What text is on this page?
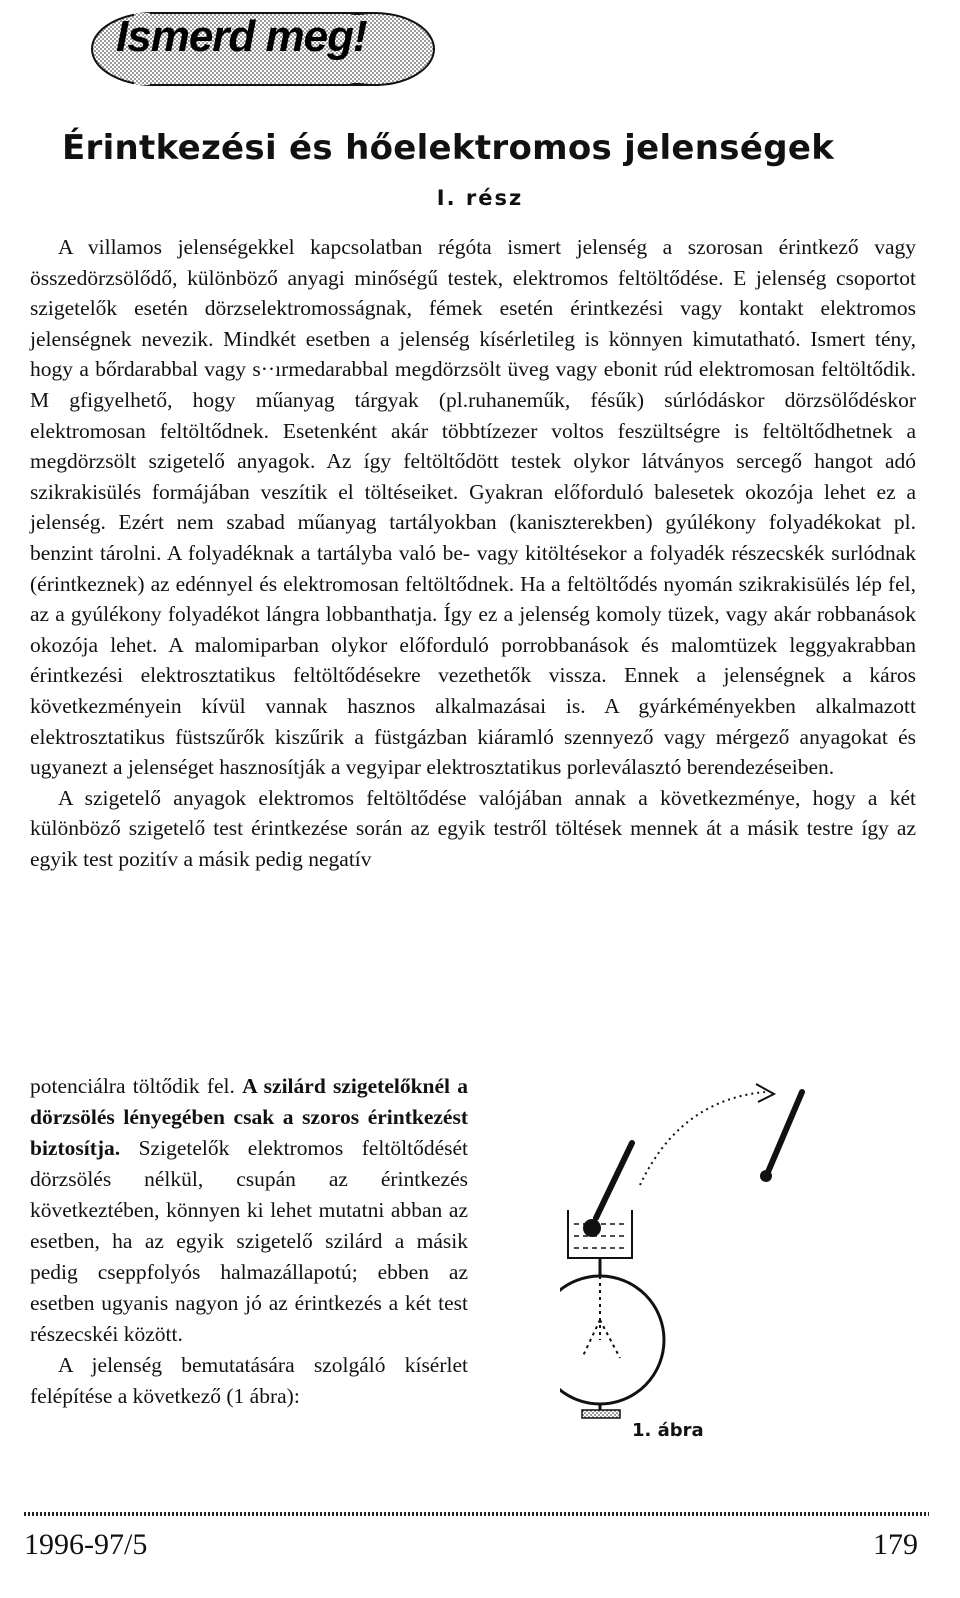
Ismerd meg!
Érintkezési és hőelektromos jelenségek
I. rész

A villamos jelenségekkel kapcsolatban régóta ismert jelenség a szorosan érintkező vagy összedörzsölődő, különböző anyagi minőségű testek, elektromos feltöltődése. E jelenség csoportot szigetelők esetén dörzselektromosságnak, fémek esetén érintkezési vagy kontakt elektromos jelenségnek nevezik. Mindkét esetben a jelenség kísérletileg is könnyen kimutatható. Ismert tény, hogy a bőrdarabbal vagy s··ırmedarabbal megdörzsölt üveg vagy ebonit rúd elektromosan feltöltődik. M gfigyelhető, hogy műanyag tárgyak (pl.ruhaneműk, fésűk) súrlódáskor dörzsölődéskor elektromosan feltöltődnek. Esetenként akár többtízezer voltos feszültségre is feltöltődhetnek a megdörzsölt szigetelő anyagok. Az így feltöltődött testek olykor látványos sercegő hangot adó szikrakisülés formájában veszítik el töltéseiket. Gyakran előforduló balesetek okozója lehet ez a jelenség. Ezért nem szabad műanyag tartályokban (kaniszterekben) gyúlékony folyadékokat pl. benzint tárolni. A folyadéknak a tartályba való be- vagy kitöltésekor a folyadék részecskék surlódnak (érintkeznek) az edénnyel és elektromosan feltöltődnek. Ha a feltöltődés nyomán szikrakisülés lép fel, az a gyúlékony folyadékot lángra lobbanthatja. Így ez a jelenség komoly tüzek, vagy akár robbanások okozója lehet. A malomiparban olykor előforduló porrobbanások és malomtüzek leggyakrabban érintkezési elektrosztatikus feltöltődésekre vezethetők vissza. Ennek a jelenségnek a káros következményein kívül vannak hasznos alkalmazásai is. A gyárkéményekben alkalmazott elektrosztatikus füstszűrők kiszűrik a füstgázban kiáramló szennyező vagy mérgező anyagokat és ugyanezt a jelenséget hasznosítják a vegyipar elektrosztatikus porleválasztó berendezéseiben.

A szigetelő anyagok elektromos feltöltődése valójában annak a következménye, hogy a két különböző szigetelő test érintkezése során az egyik testről töltések mennek át a másik testre így az egyik test pozitív a másik pedig negatív

potenciálra töltődik fel. A szilárd szigetelőknél a dörzsölés lényegében csak a szoros érintkezést biztosítja. Szigetelők elektromos feltöltődését dörzsölés nélkül, csupán az érintkezés következtében, könnyen ki lehet mutatni abban az esetben, ha az egyik szigetelő szilárd a másik pedig cseppfolyós halmazállapotú; ebben az esetben ugyanis nagyon jó az érintkezés a két test részecskéi között.

A jelenség bemutatására szolgáló kísérlet felépítése a következő (1 ábra):

1. ábra
1996-97/5	179
